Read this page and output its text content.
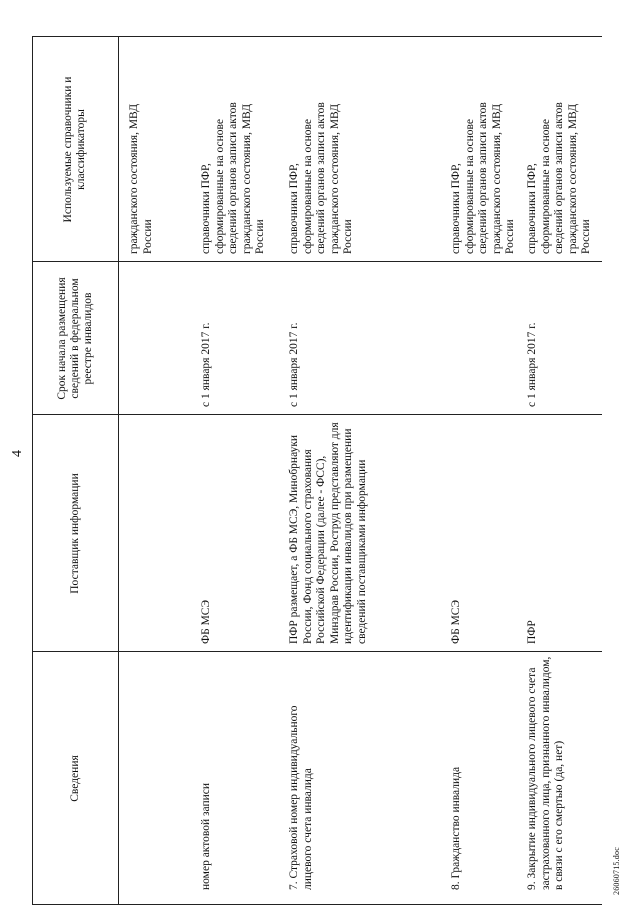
4
Сведения
Поставщик информации
Срок начала размещения сведений в федеральном реестре инвалидов
Используемые справочники и классификаторы	гражданского состояния, МВД России
номер актовой записи
ФБ МСЭ
с 1 января 2017 г.
справочники ПФР, сформированные на основе сведений органов записи актов гражданского состояния, МВД России
7. Страховой номер индивидуального лицевого счета инвалида
ПФР размещает, а ФБ МСЭ, Минобрнауки России, Фонд социального страхования Российской Федерации (далее - ФСС), Минздрав России, Роструд представляют для идентификации инвалидов при размещении сведений поставщиками информации
с 1 января 2017 г.
справочники ПФР, сформированные на основе сведений органов записи актов гражданского состояния, МВД России
8. Гражданство инвалида
ФБ МСЭ
справочники ПФР, сформированные на основе сведений органов записи актов гражданского состояния, МВД России
9. Закрытие индивидуального лицевого счета застрахованного лица, признанного инвалидом, в связи с его смертью (да, нет)
ПФР
с 1 января 2017 г.
справочники ПФР, сформированные на основе сведений органов записи актов гражданского состояния, МВД России
26060715.doc
